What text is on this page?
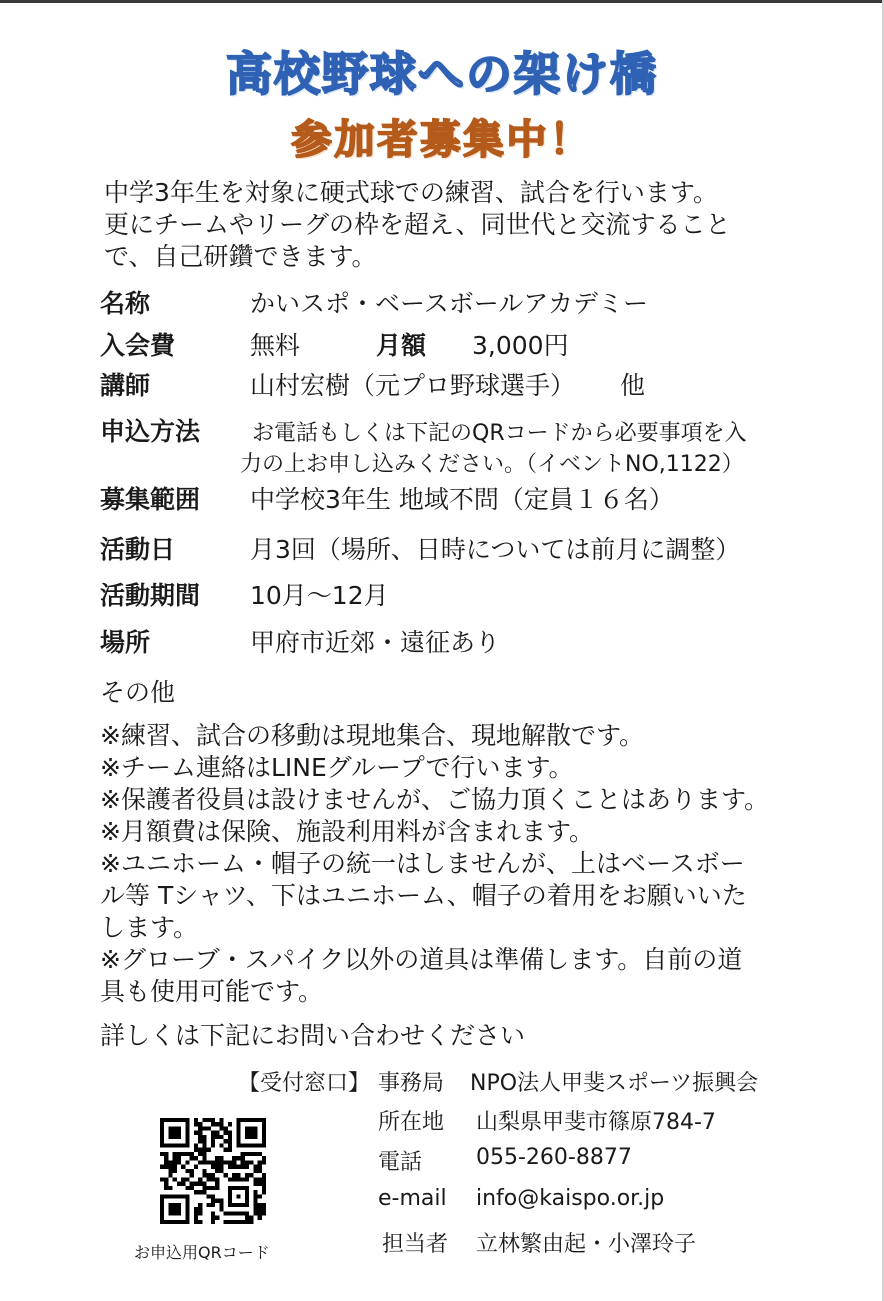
高校野球への架け橋
参加者募集中！
中学3年生を対象に硬式球での練習、試合を行います。
更にチームやリーグの枠を超え、同世代と交流すること
で、自己研鑽できます。
名称	かいスポ・ベースボールアカデミー
入会費	無料	月額 3,000円
講師	山村宏樹（元プロ野球選手） 他
申込方法 お電話もしくは下記のQRコードから必要事項を入
力の上お申し込みください。（イベントNO,1122）
募集範囲 中学校3年生 地域不問（定員１６名）
活動日	月3回（場所、日時については前月に調整）
活動期間 10月～12月
場所	甲府市近郊・遠征あり
その他
※練習、試合の移動は現地集合、現地解散です。
※チーム連絡はLINEグループで行います。
※保護者役員は設けませんが、ご協力頂くことはあります。
※月額費は保険、施設利用料が含まれます。
※ユニホーム・帽子の統一はしませんが、上はベースボー
ル等 Tシャツ、下はユニホーム、帽子の着用をお願いいた
します。
※グローブ・スパイク以外の道具は準備します。自前の道
具も使用可能です。
詳しくは下記にお問い合わせください
【受付窓口】 事務局 NPO法人甲斐スポーツ振興会
所在地 山梨県甲斐市篠原784-7
電話 055-260-8877
e-mail info@kaispo.or.jp
担当者 立林繁由起・小澤玲子
お申込用QRコード
